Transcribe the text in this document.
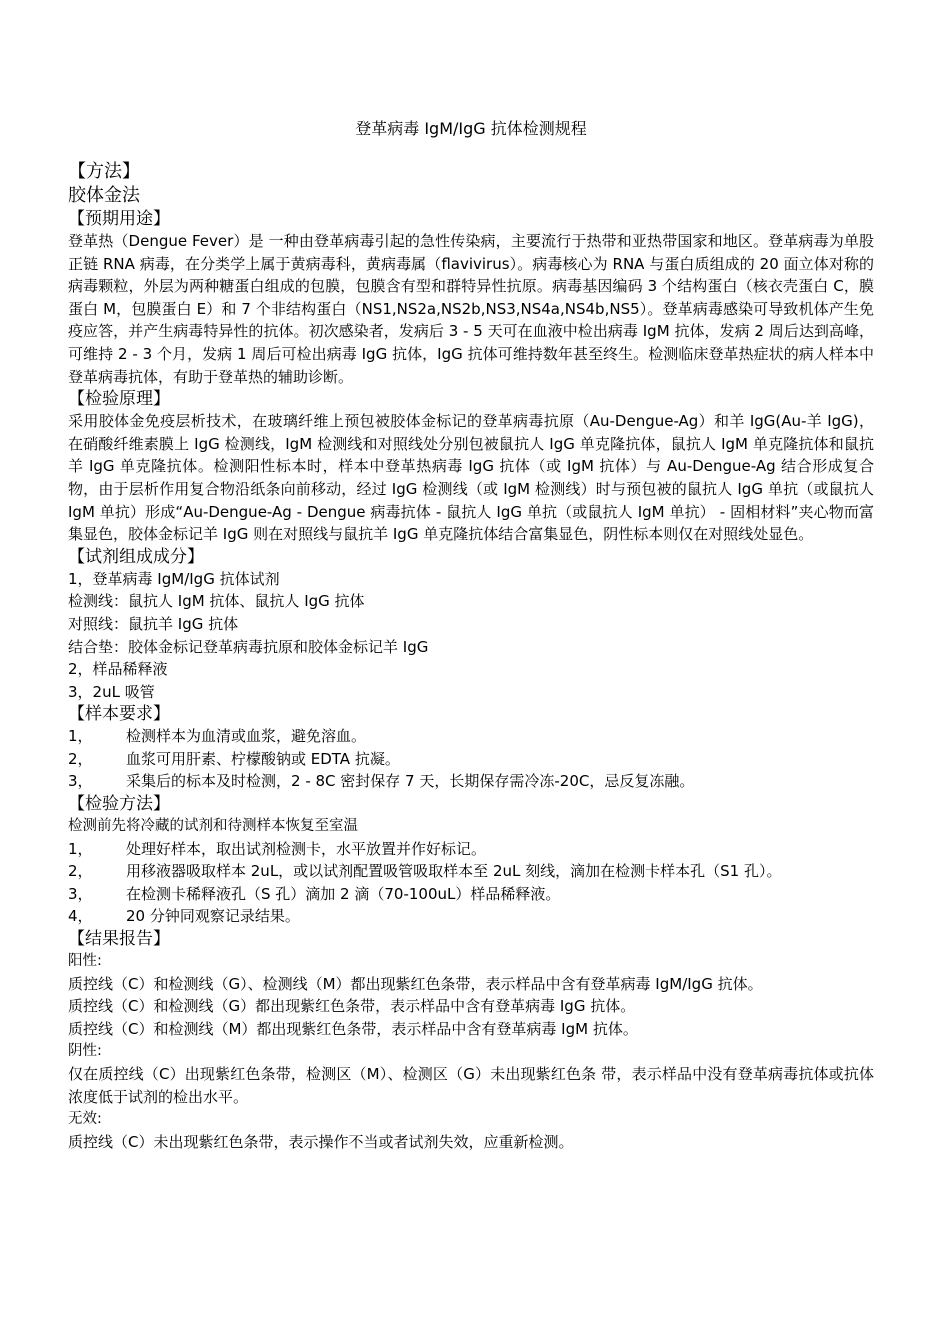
登革病毒 IgM/IgG 抗体检测规程

【方法】

胶体金法

【预期用途】

登革热（Dengue Fever）是 一种由登革病毒引起的急性传染病，主要流行于热带和亚热带国家和地区。登革病毒为单股正链 RNA 病毒，在分类学上属于黄病毒科，黄病毒属（flavivirus）。病毒核心为 RNA 与蛋白质组成的 20 面立体对称的病毒颗粒，外层为两种糖蛋白组成的包膜，包膜含有型和群特异性抗原。病毒基因编码 3 个结构蛋白（核衣壳蛋白 C，膜蛋白 M，包膜蛋白 E）和 7 个非结构蛋白（NS1,NS2a,NS2b,NS3,NS4a,NS4b,NS5）。登革病毒感染可导致机体产生免疫应答，并产生病毒特异性的抗体。初次感染者，发病后 3 - 5 天可在血液中检出病毒 IgM 抗体，发病 2 周后达到高峰，可维持 2 - 3 个月，发病 1 周后可检出病毒 IgG 抗体，IgG 抗体可维持数年甚至终生。检测临床登革热症状的病人样本中登革病毒抗体，有助于登革热的辅助诊断。

【检验原理】

采用胶体金免疫层析技术，在玻璃纤维上预包被胶体金标记的登革病毒抗原（Au-Dengue-Ag）和羊 IgG(Au-羊 IgG)，在硝酸纤维素膜上 IgG 检测线，IgM 检测线和对照线处分别包被鼠抗人 IgG 单克隆抗体，鼠抗人 IgM 单克隆抗体和鼠抗羊 IgG 单克隆抗体。检测阳性标本时，样本中登革热病毒 IgG 抗体（或 IgM 抗体）与 Au-Dengue-Ag 结合形成复合物，由于层析作用复合物沿纸条向前移动，经过 IgG 检测线（或 IgM 检测线）时与预包被的鼠抗人 IgG 单抗（或鼠抗人 IgM 单抗）形成“Au-Dengue-Ag - Dengue 病毒抗体 - 鼠抗人 IgG 单抗（或鼠抗人 IgM 单抗） - 固相材料”夹心物而富集显色，胶体金标记羊 IgG 则在对照线与鼠抗羊 IgG 单克隆抗体结合富集显色，阴性标本则仅在对照线处显色。

【试剂组成成分】

1，登革病毒 IgM/IgG 抗体试剂

检测线：鼠抗人 IgM 抗体、鼠抗人 IgG 抗体

对照线：鼠抗羊 IgG 抗体

结合垫：胶体金标记登革病毒抗原和胶体金标记羊 IgG

2，样品稀释液

3，2uL 吸管

【样本要求】

1，	检测样本为血清或血浆，避免溶血。
2，	血浆可用肝素、柠檬酸钠或 EDTA 抗凝。
3，	采集后的标本及时检测，2 - 8C 密封保存 7 天，长期保存需冷冻-20C，忌反复冻融。

【检验方法】

检测前先将冷藏的试剂和待测样本恢复至室温

1，	处理好样本，取出试剂检测卡，水平放置并作好标记。
2，	用移液器吸取样本 2uL，或以试剂配置吸管吸取样本至 2uL 刻线，滴加在检测卡样本孔（S1 孔）。
3，	在检测卡稀释液孔（S 孔）滴加 2 滴（70-100uL）样品稀释液。
4，	20 分钟同观察记录结果。

【结果报告】

阳性:

质控线（C）和检测线（G）、检测线（M）都出现紫红色条带，表示样品中含有登革病毒 IgM/IgG 抗体。

质控线（C）和检测线（G）都出现紫红色条带，表示样品中含有登革病毒 IgG 抗体。

质控线（C）和检测线（M）都出现紫红色条带，表示样品中含有登革病毒 IgM 抗体。

阴性:

仅在质控线（C）出现紫红色条带，检测区（M）、检测区（G）未出现紫红色条 带，表示样品中没有登革病毒抗体或抗体浓度低于试剂的检出水平。

无效:

质控线（C）未出现紫红色条带，表示操作不当或者试剂失效，应重新检测。
